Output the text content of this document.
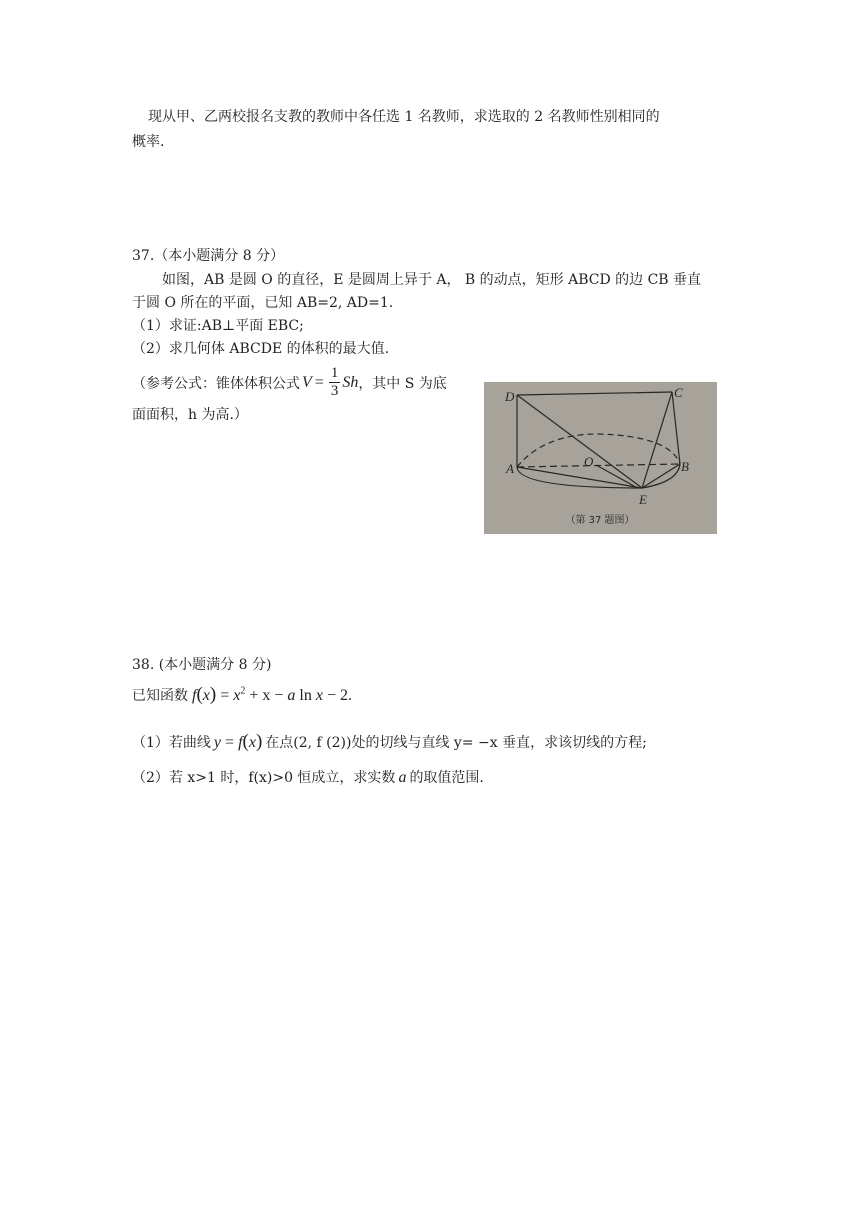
现从甲、乙两校报名支教的教师中各任选 1 名教师，求选取的 2 名教师性别相同的
概率.
37.（本小题满分 8 分）
如图，AB 是圆 O 的直径，E 是圆周上异于 A， B 的动点，矩形 ABCD 的边 CB 垂直
于圆 O 所在的平面，已知 AB=2, AD=1.
（1）求证:AB⊥平面 EBC;
（2）求几何体 ABCDE 的体积的最大值.
（参考公式：锥体体积公式 $V = \frac{1}{3}$ Sh ，其中 S 为底
面面积，h 为高.）
D	C
A	O	B
E
（第 37 题图）
38. (本小题满分 8 分)
已知函数 $f(x) = x^2 + x - a$ ln x − 2.
（1）若曲线 y = f(x) 在点(2, f (2))处的切线与直线 y= −x 垂直，求该切线的方程;
（2）若 x>1 时， f(x)>0 恒成立，求实数 a 的取值范围.
